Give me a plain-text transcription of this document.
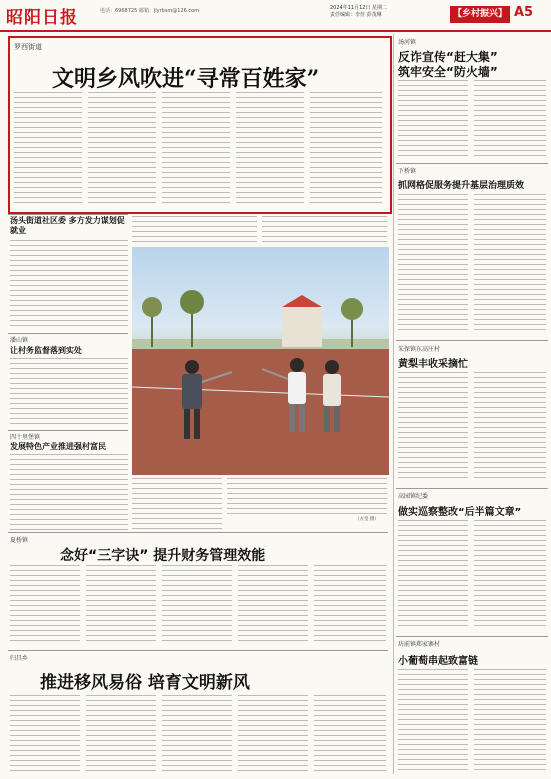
昭阳日报	电话：6968725 邮箱：jlyrbsm@126.com	2024年11月12日 星期二
责任编辑：李佳 彭茂琳	【乡村振兴】 A5
罗西街道
文明乡风吹进“寻常百姓家”
汤头街道社区委 多方发力谋划促就业
潘山镇
让村务监督落到实处
四十里堡镇
发展特色产业推进强村富民
（方堂 摄）
夏桥镇
念好“三字诀” 提升财务管理效能
归昌乡
推进移风易俗 培育文明新风
汤河镇
反诈宣传“赶大集”
筑牢安全“防火墙”
下桥镇
抓网格促服务提升基层治理质效
朱保镇东高庄村
黄梨丰收采摘忙
高园镇纪委
做实巡察整改“后半篇文章”
坊前镇郑家寨村
小葡萄串起致富链
